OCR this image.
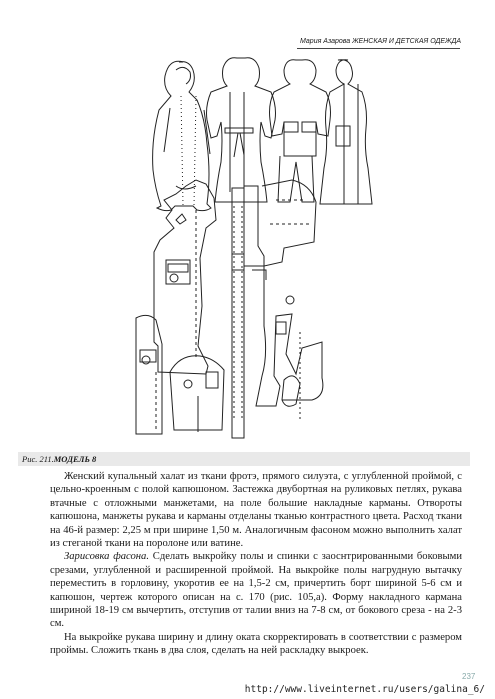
Мария Азарова ЖЕНСКАЯ И ДЕТСКАЯ ОДЕЖДА
Рис. 211.МОДЕЛЬ 8

Женский купальный халат из ткани фротэ, прямого силуэта, с углубленной проймой, с цельно-кроенным с полой капюшоном. Застежка двубортная на руликовых петлях, рукава втачные с отложными манжетами, на поле большие накладные карманы. Отвороты капюшона, манжеты рукава и карманы отделаны тканью контрастного цвета. Расход ткани на 46-й размер: 2,25 м при ширине 1,50 м. Аналогичным фасоном можно выполнить халат из стеганой ткани на поролоне или ватине.

Зарисовка фасона. Сделать выкройку полы и спинки с заоснтрированными боковыми срезами, углубленной и расширенной проймой. На выкройке полы нагрудную вытачку переместить в горловину, укоротив ее на 1,5-2 см, причертить борт шириной 5-6 см и капюшон, чертеж которого описан на с. 170 (рис. 105,а). Форму накладного кармана шириной 18-19 см вычертить, отступив от талии вниз на 7-8 см, от бокового среза - на 2-3 см.

На выкройке рукава ширину и длину оката скорректировать в соответствии с размером проймы. Сложить ткань в два слоя, сделать на ней раскладку выкроек.

237
http://www.liveinternet.ru/users/galina_6/
